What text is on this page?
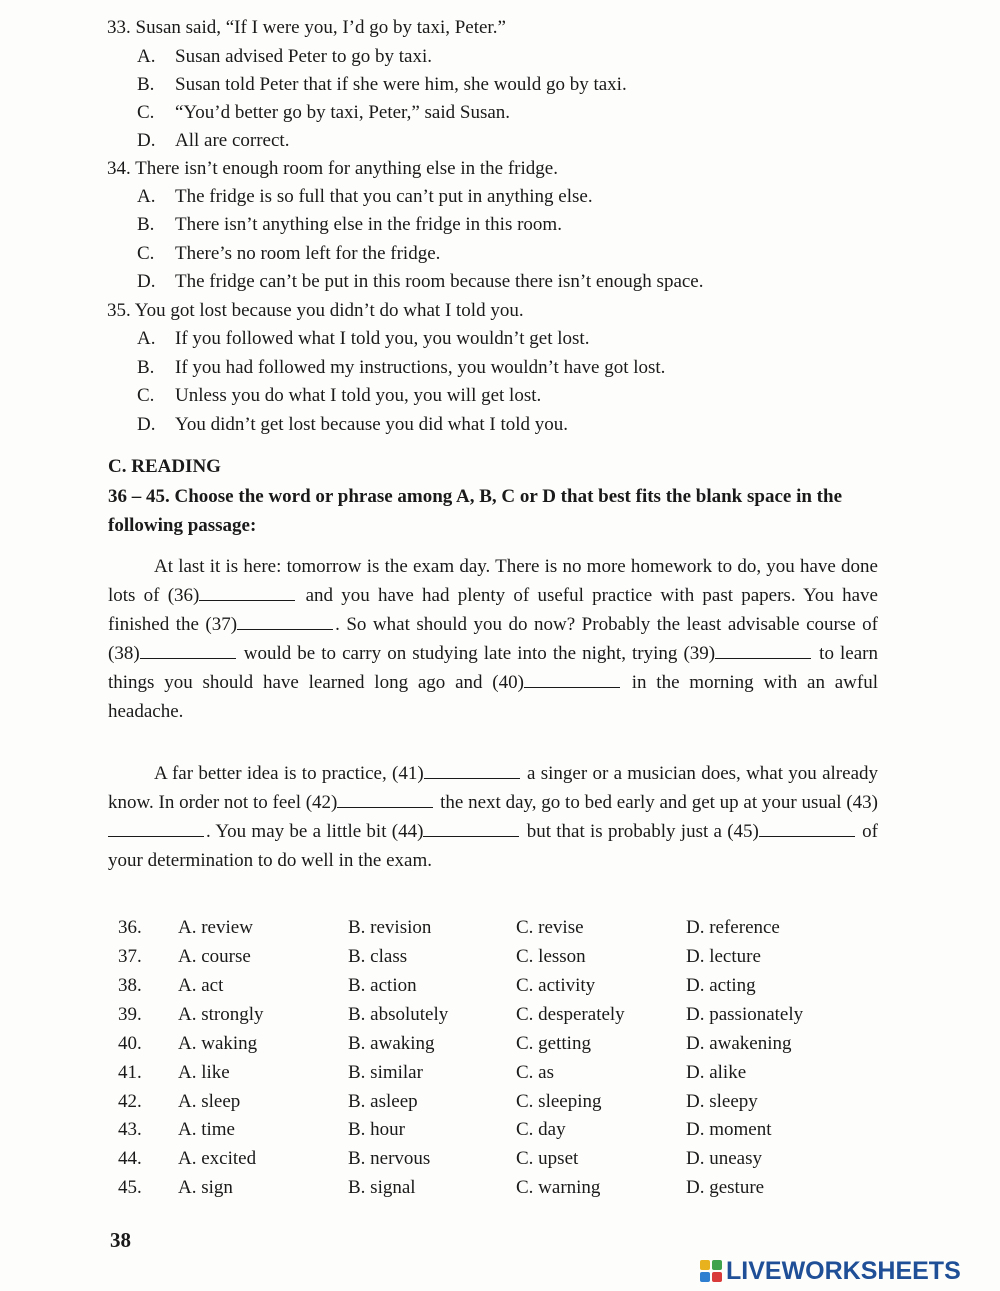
33. Susan said, “If I were you, I’d go by taxi, Peter.”
A. Susan advised Peter to go by taxi.
B. Susan told Peter that if she were him, she would go by taxi.
C. “You’d better go by taxi, Peter,” said Susan.
D. All are correct.
34. There isn’t enough room for anything else in the fridge.
A. The fridge is so full that you can’t put in anything else.
B. There isn’t anything else in the fridge in this room.
C. There’s no room left for the fridge.
D. The fridge can’t be put in this room because there isn’t enough space.
35. You got lost because you didn’t do what I told you.
A. If you followed what I told you, you wouldn’t get lost.
B. If you had followed my instructions, you wouldn’t have got lost.
C. Unless you do what I told you, you will get lost.
D. You didn’t get lost because you did what I told you.
C. READING
36 – 45. Choose the word or phrase among A, B, C or D that best fits the blank space in the following passage:
At last it is here: tomorrow is the exam day. There is no more homework to do, you have done lots of (36)	and you have had plenty of useful practice with past papers. You have finished the (37)	. So what should you do now? Probably the least advisable course of (38)	would be to carry on studying late into the night, trying (39)	to learn things you should have learned long ago and (40)	in the morning with an awful headache.
A far better idea is to practice, (41)	a singer or a musician does, what you already know. In order not to feel (42)	the next day, go to bed early and get up at your usual (43). You may be a little bit (44)	but that is probably just a (45)	of your determination to do well in the exam.
36. A. review	B. revision	C. revise	D. reference
37. A. course	B. class	C. lesson	D. lecture
38. A. act	B. action	C. activity	D. acting
39. A. strongly	B. absolutely	C. desperately	D. passionately
40. A. waking	B. awaking	C. getting	D. awakening
41. A. like	B. similar	C. as	D. alike
42. A. sleep	B. asleep	C. sleeping	D. sleepy
43. A. time	B. hour	C. day	D. moment
44. A. excited	B. nervous	C. upset	D. uneasy
45. A. sign	B. signal	C. warning	D. gesture
38
LIVEWORKSHEETS
